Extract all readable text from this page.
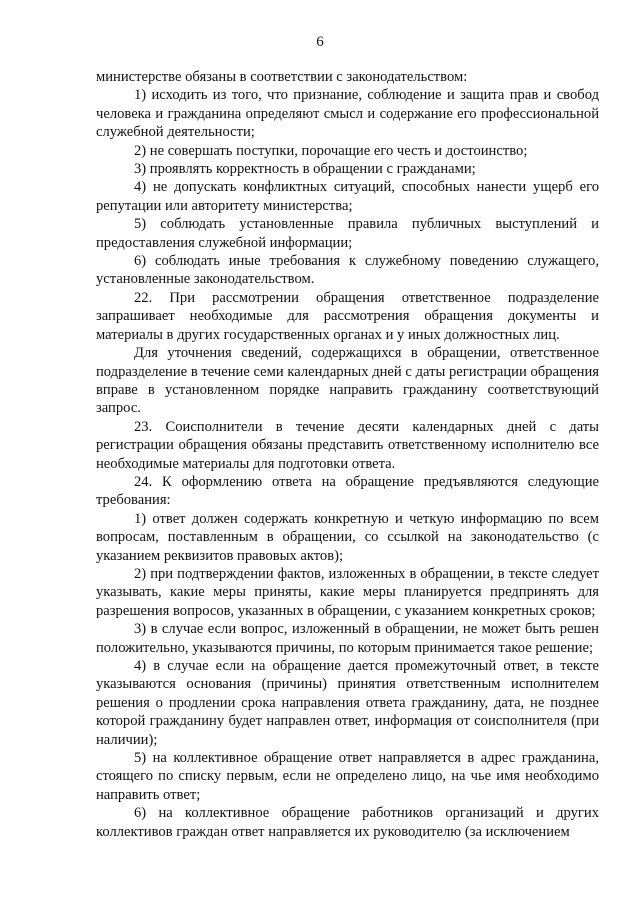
6

министерстве обязаны в соответствии с законодательством:

1) исходить из того, что признание, соблюдение и защита прав и свобод человека и гражданина определяют смысл и содержание его профессиональной служебной деятельности;

2) не совершать поступки, порочащие его честь и достоинство;

3) проявлять корректность в обращении с гражданами;

4) не допускать конфликтных ситуаций, способных нанести ущерб его репутации или авторитету министерства;

5) соблюдать установленные правила публичных выступлений и предоставления служебной информации;

6) соблюдать иные требования к служебному поведению служащего, установленные законодательством.

22. При рассмотрении обращения ответственное подразделение запрашивает необходимые для рассмотрения обращения документы и материалы в других государственных органах и у иных должностных лиц.

Для уточнения сведений, содержащихся в обращении, ответственное подразделение в течение семи календарных дней с даты регистрации обращения вправе в установленном порядке направить гражданину соответствующий запрос.

23. Соисполнители в течение десяти календарных дней с даты регистрации обращения обязаны представить ответственному исполнителю все необходимые материалы для подготовки ответа.

24. К оформлению ответа на обращение предъявляются следующие требования:

1) ответ должен содержать конкретную и четкую информацию по всем вопросам, поставленным в обращении, со ссылкой на законодательство (с указанием реквизитов правовых актов);

2) при подтверждении фактов, изложенных в обращении, в тексте следует указывать, какие меры приняты, какие меры планируется предпринять для разрешения вопросов, указанных в обращении, с указанием конкретных сроков;

3) в случае если вопрос, изложенный в обращении, не может быть решен положительно, указываются причины, по которым принимается такое решение;

4) в случае если на обращение дается промежуточный ответ, в тексте указываются основания (причины) принятия ответственным исполнителем решения о продлении срока направления ответа гражданину, дата, не позднее которой гражданину будет направлен ответ, информация от соисполнителя (при наличии);

5) на коллективное обращение ответ направляется в адрес гражданина, стоящего по списку первым, если не определено лицо, на чье имя необходимо направить ответ;

6) на коллективное обращение работников организаций и других коллективов граждан ответ направляется их руководителю (за исключением
